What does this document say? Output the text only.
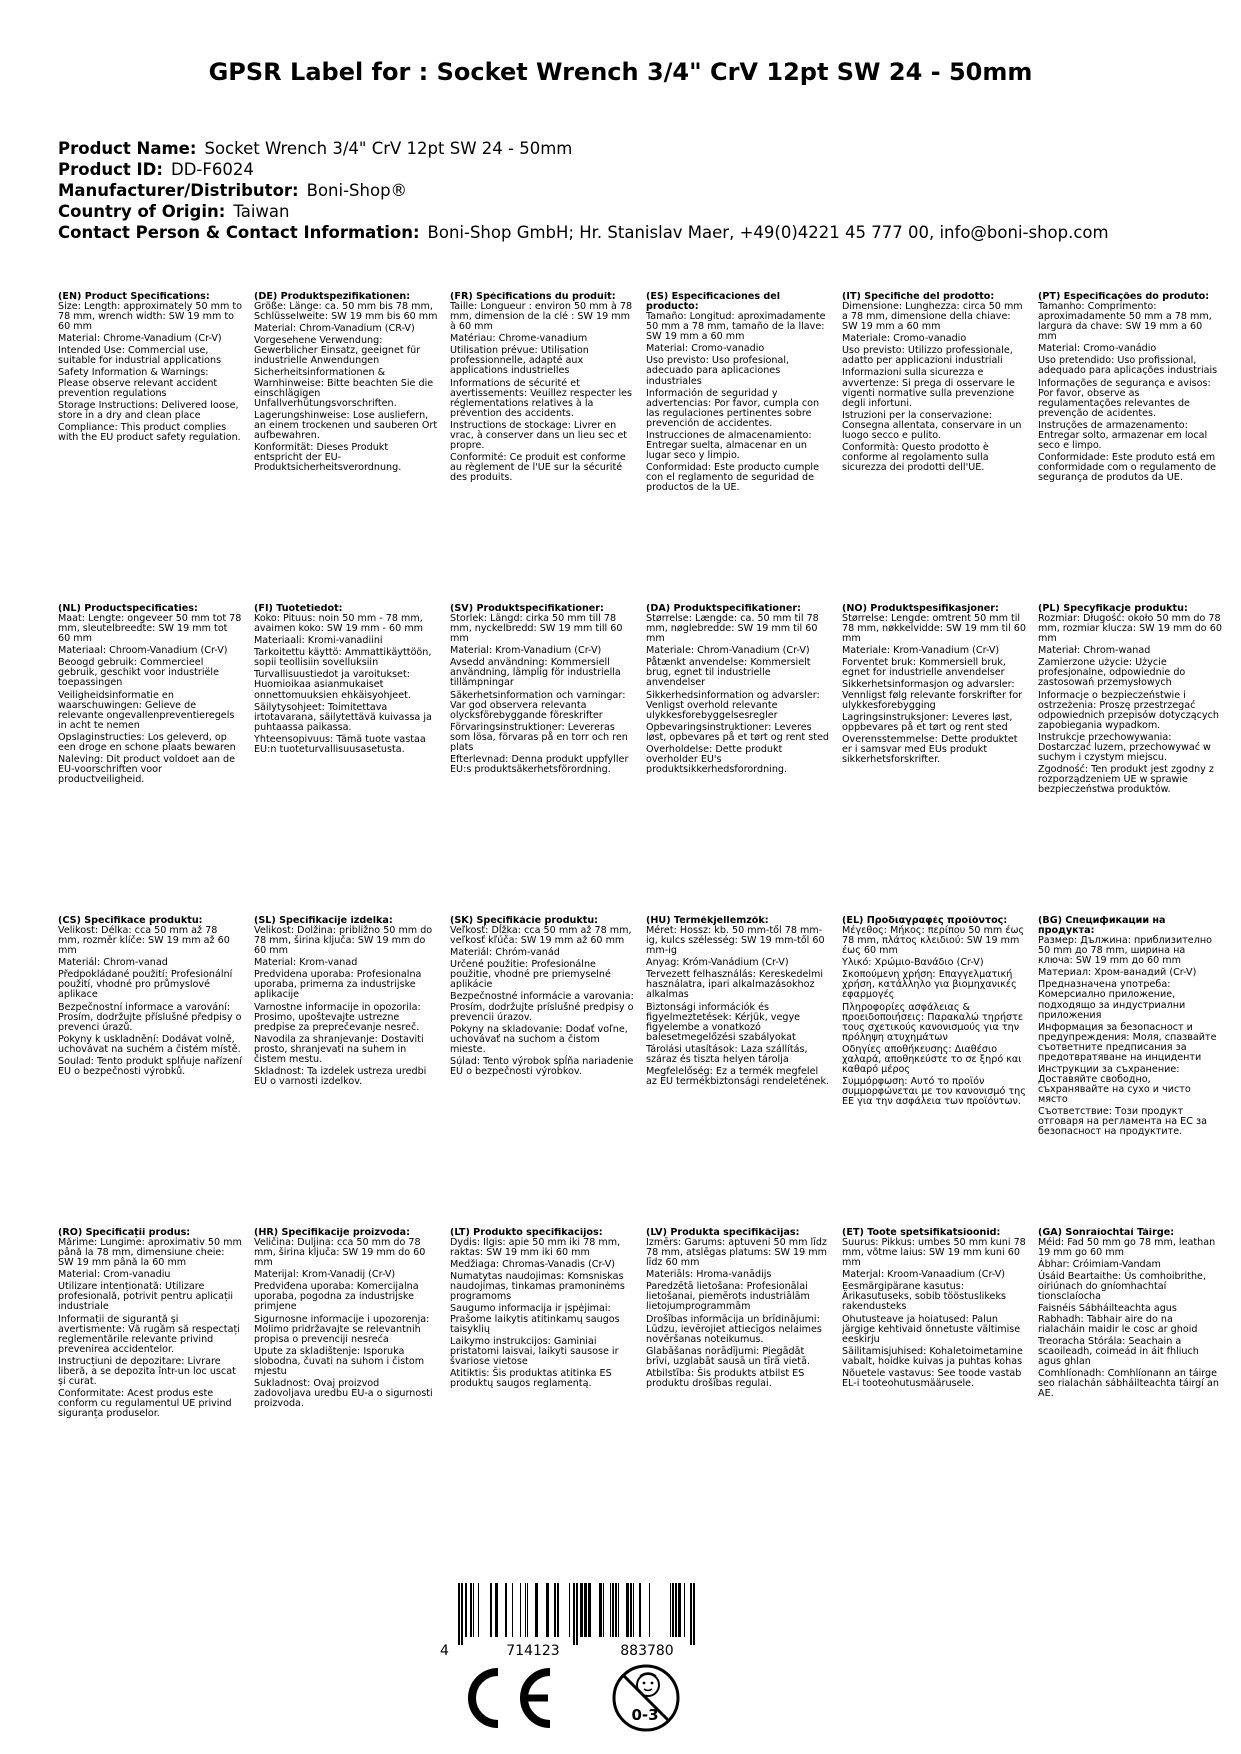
GPSR Label for : Socket Wrench 3/4" CrV 12pt SW 24 - 50mm
Product Name: Socket Wrench 3/4" CrV 12pt SW 24 - 50mm
Product ID: DD-F6024
Manufacturer/Distributor: Boni-Shop®
Country of Origin: Taiwan
Contact Person & Contact Information: Boni-Shop GmbH; Hr. Stanislav Maer, +49(0)4221 45 777 00, info@boni-shop.com
(EN) Product Specifications:
Size: Length: approximately 50 mm to 78 mm, wrench width: SW 19 mm to 60 mm
Material: Chrome-Vanadium (Cr-V)
Intended Use: Commercial use, suitable for industrial applications
Safety Information & Warnings: Please observe relevant accident prevention regulations
Storage Instructions: Delivered loose, store in a dry and clean place
Compliance: This product complies with the EU product safety regulation.
(DE) Produktspezifikationen:
Größe: Länge: ca. 50 mm bis 78 mm, Schlüsselweite: SW 19 mm bis 60 mm
Material: Chrom-Vanadium (CR-V)
Vorgesehene Verwendung: Gewerblicher Einsatz, geeignet für industrielle Anwendungen
Sicherheitsinformationen & Warnhinweise: Bitte beachten Sie die einschlägigen Unfallverhütungsvorschriften.
Lagerungshinweise: Lose ausliefern, an einem trockenen und sauberen Ort aufbewahren.
Konformität: Dieses Produkt entspricht der EU-Produktsicherheitsverordnung.
(FR) Spécifications du produit:
Taille: Longueur : environ 50 mm à 78 mm, dimension de la clé : SW 19 mm à 60 mm
Matériau: Chrome-vanadium
Utilisation prévue: Utilisation professionnelle, adapté aux applications industrielles
Informations de sécurité et avertissements: Veuillez respecter les réglementations relatives à la prévention des accidents.
Instructions de stockage: Livrer en vrac, à conserver dans un lieu sec et propre.
Conformité: Ce produit est conforme au règlement de l'UE sur la sécurité des produits.
(ES) Especificaciones del producto:
Tamaño: Longitud: aproximadamente 50 mm a 78 mm, tamaño de la llave: SW 19 mm a 60 mm
Material: Cromo-vanadio
Uso previsto: Uso profesional, adecuado para aplicaciones industriales
Información de seguridad y advertencias: Por favor, cumpla con las regulaciones pertinentes sobre prevención de accidentes.
Instrucciones de almacenamiento: Entregar suelta, almacenar en un lugar seco y limpio.
Conformidad: Este producto cumple con el reglamento de seguridad de productos de la UE.
(IT) Specifiche del prodotto:
Dimensione: Lunghezza: circa 50 mm a 78 mm, dimensione della chiave: SW 19 mm a 60 mm
Materiale: Cromo-vanadio
Uso previsto: Utilizzo professionale, adatto per applicazioni industriali
Informazioni sulla sicurezza e avvertenze: Si prega di osservare le vigenti normative sulla prevenzione degli infortuni.
Istruzioni per la conservazione: Consegna allentata, conservare in un luogo secco e pulito.
Conformità: Questo prodotto è conforme al regolamento sulla sicurezza dei prodotti dell'UE.
(PT) Especificações do produto:
Tamanho: Comprimento: aproximadamente 50 mm a 78 mm, largura da chave: SW 19 mm a 60 mm
Material: Cromo-vanádio
Uso pretendido: Uso profissional, adequado para aplicações industriais
Informações de segurança e avisos: Por favor, observe as regulamentações relevantes de prevenção de acidentes.
Instruções de armazenamento: Entregar solto, armazenar em local seco e limpo.
Conformidade: Este produto está em conformidade com o regulamento de segurança de produtos da UE.
(NL) Productspecificaties:
Maat: Lengte: ongeveer 50 mm tot 78 mm, sleutelbreedte: SW 19 mm tot 60 mm
Materiaal: Chroom-Vanadium (Cr-V)
Beoogd gebruik: Commercieel gebruik, geschikt voor industriële toepassingen
Veiligheidsinformatie en waarschuwingen: Gelieve de relevante ongevallenpreventieregels in acht te nemen
Opslaginstructies: Los geleverd, op een droge en schone plaats bewaren
Naleving: Dit product voldoet aan de EU-voorschriften voor productveiligheid.
(FI) Tuotetiedot:
Koko: Pituus: noin 50 mm - 78 mm, avaimen koko: SW 19 mm - 60 mm
Materiaali: Kromi-vanadiini
Tarkoitettu käyttö: Ammattikäyttöön, sopii teollisiin sovelluksiin
Turvallisuustiedot ja varoitukset: Huomioikaa asianmukaiset onnettomuuksien ehkäisyohjeet.
Säilytysohjeet: Toimitettava irtotavarana, säilytettävä kuivassa ja puhtaassa paikassa.
Yhteensopivuus: Tämä tuote vastaa EU:n tuoteturvallisuusasetusta.
(SV) Produktspecifikationer:
Storlek: Längd: cirka 50 mm till 78 mm, nyckelbredd: SW 19 mm till 60 mm
Material: Krom-Vanadium (Cr-V)
Avsedd användning: Kommersiell användning, lämplig för industriella tillämpningar
Säkerhetsinformation och varningar: Var god observera relevanta olycksförebyggande föreskrifter
Förvaringsinstruktioner: Levereras som lösa, förvaras på en torr och ren plats
Efterlevnad: Denna produkt uppfyller EU:s produktsäkerhetsförordning.
(DA) Produktspecifikationer:
Størrelse: Længde: ca. 50 mm til 78 mm, nøglebredde: SW 19 mm til 60 mm
Materiale: Chrom-Vanadium (Cr-V)
Påtænkt anvendelse: Kommersielt brug, egnet til industrielle anvendelser
Sikkerhedsinformation og advarsler: Venligst overhold relevante ulykkesforebyggelsesregler
Opbevaringsinstruktioner: Leveres løst, opbevares på et tørt og rent sted
Overholdelse: Dette produkt overholder EU's produktsikkerhedsforordning.
(NO) Produktspesifikasjoner:
Størrelse: Lengde: omtrent 50 mm til 78 mm, nøkkelvidde: SW 19 mm til 60 mm
Materiale: Krom-Vanadium (Cr-V)
Forventet bruk: Kommersiell bruk, egnet for industrielle anvendelser
Sikkerhetsinformasjon og advarsler: Vennligst følg relevante forskrifter for ulykkesforebygging
Lagringsinstruksjoner: Leveres løst, oppbevares på et tørt og rent sted
Overensstemmelse: Dette produktet er i samsvar med EUs produkt sikkerhetsforskrifter.
(PL) Specyfikacje produktu:
Rozmiar: Długość: około 50 mm do 78 mm, rozmiar klucza: SW 19 mm do 60 mm
Materiał: Chrom-wanad
Zamierzone użycie: Użycie profesjonalne, odpowiednie do zastosowań przemysłowych
Informacje o bezpieczeństwie i ostrzeżenia: Proszę przestrzegać odpowiednich przepisów dotyczących zapobiegania wypadkom.
Instrukcje przechowywania: Dostarczać luzem, przechowywać w suchym i czystym miejscu.
Zgodność: Ten produkt jest zgodny z rozporządzeniem UE w sprawie bezpieczeństwa produktów.
(CS) Specifikace produktu:
Velikost: Délka: cca 50 mm až 78 mm, rozměr klíče: SW 19 mm až 60 mm
Materiál: Chrom-vanad
Předpokládané použití: Profesionální použití, vhodné pro průmyslové aplikace
Bezpečnostní informace a varování: Prosím, dodržujte příslušné předpisy o prevenci úrazů.
Pokyny k uskladnění: Dodávat volně, uchovávat na suchém a čistém místě.
Soulad: Tento produkt splňuje nařízení EU o bezpečnosti výrobků.
(SL) Specifikacije izdelka:
Velikost: Dolžina: približno 50 mm do 78 mm, širina ključa: SW 19 mm do 60 mm
Material: Krom-vanad
Predvidena uporaba: Profesionalna uporaba, primerna za industrijske aplikacije
Varnostne informacije in opozorila: Prosimo, upoštevajte ustrezne predpise za preprečevanje nesreč.
Navodila za shranjevanje: Dostaviti prosto, shranjevati na suhem in čistem mestu.
Skladnost: Ta izdelek ustreza uredbi EU o varnosti izdelkov.
(SK) Špecifikácie produktu:
Veľkosť: Dĺžka: cca 50 mm až 78 mm, veľkosť kľúča: SW 19 mm až 60 mm
Materiál: Chróm-vanád
Určené použitie: Profesionálne použitie, vhodné pre priemyselné aplikácie
Bezpečnostné informácie a varovania: Prosím, dodržujte príslušné predpisy o prevencii úrazov.
Pokyny na skladovanie: Dodať voľne, uchovávať na suchom a čistom mieste.
Súlad: Tento výrobok spĺňa nariadenie EÚ o bezpečnosti výrobkov.
(HU) Termékjellemzők:
Méret: Hossz: kb. 50 mm-től 78 mm-ig, kulcs szélesség: SW 19 mm-től 60 mm-ig
Anyag: Króm-Vanádium (Cr-V)
Tervezett felhasználás: Kereskedelmi használatra, ipari alkalmazásokhoz alkalmas
Biztonsági információk és figyelmeztetések: Kérjük, vegye figyelembe a vonatkozó balesetmegelőzési szabályokat
Tárolási utasítások: Laza szállítás, száraz és tiszta helyen tárolja
Megfelelőség: Ez a termék megfelel az EU termékbiztonsági rendeletének.
(EL) Προδιαγραφές προϊόντος:
Μέγεθος: Μήκος: περίπου 50 mm έως 78 mm, πλάτος κλειδιού: SW 19 mm έως 60 mm
Υλικό: Χρώμιο-Βανάδιο (Cr-V)
Σκοπούμενη χρήση: Επαγγελματική χρήση, κατάλληλο για βιομηχανικές εφαρμογές
Πληροφορίες ασφάλειας & προειδοποιήσεις: Παρακαλώ τηρήστε τους σχετικούς κανονισμούς για την πρόληψη ατυχημάτων
Οδηγίες αποθήκευσης: Διαθέσιο χαλαρά, αποθηκεύστε το σε ξηρό και καθαρό μέρος
Συμμόρφωση: Αυτό το προϊόν συμμορφώνεται με τον κανονισμό της ΕΕ για την ασφάλεια των προϊόντων.
(BG) Спецификации на продукта:
Размер: Дължина: приблизително 50 mm до 78 mm, ширина на ключа: SW 19 mm до 60 mm
Материал: Хром-ванадий (Cr-V)
Предназначена употреба: Комерсиално приложение, подходящо за индустриални приложения
Информация за безопасност и предупреждения: Моля, спазвайте съответните предписания за предотвратяване на инциденти
Инструкции за съхранение: Доставяйте свободно, съхранявайте на сухо и чисто място
Съответствие: Този продукт отговаря на регламента на ЕС за безопасност на продуктите.
(RO) Specificații produs:
Mărime: Lungime: aproximativ 50 mm până la 78 mm, dimensiune cheie: SW 19 mm până la 60 mm
Material: Crom-vanadiu
Utilizare intenționată: Utilizare profesională, potrivit pentru aplicații industriale
Informații de siguranță și avertismente: Vă rugăm să respectați reglementările relevante privind prevenirea accidentelor.
Instrucțiuni de depozitare: Livrare liberă, a se depozita într-un loc uscat și curat.
Conformitate: Acest produs este conform cu regulamentul UE privind siguranța produselor.
(HR) Specifikacije proizvoda:
Veličina: Duljina: cca 50 mm do 78 mm, širina ključa: SW 19 mm do 60 mm
Materijal: Krom-Vanadij (Cr-V)
Predviđena uporaba: Komercijalna uporaba, pogodna za industrijske primjene
Sigurnosne informacije i upozorenja: Molimo pridržavajte se relevantnih propisa o prevenciji nesreća
Upute za skladištenje: Isporuka slobodna, čuvati na suhom i čistom mjestu
Sukladnost: Ovaj proizvod zadovoljava uredbu EU-a o sigurnosti proizvoda.
(LT) Produkto specifikacijos:
Dydis: Ilgis: apie 50 mm iki 78 mm, raktas: SW 19 mm iki 60 mm
Medžiaga: Chromas-Vanadis (Cr-V)
Numatytas naudojimas: Komsniskas naudojimas, tinkamas pramoninėms programoms
Saugumo informacija ir įspėjimai: Prašome laikytis atitinkamų saugos taisyklių
Laikymo instrukcijos: Gaminiai pristatomi laisvai, laikyti sausose ir švariose vietose
Atitiktis: Šis produktas atitinka ES produktų saugos reglamentą.
(LV) Produkta specifikācijas:
Izmērs: Garums: aptuveni 50 mm līdz 78 mm, atslēgas platums: SW 19 mm līdz 60 mm
Materiāls: Hroma-vanādijs
Paredzētā lietošana: Profesionālai lietošanai, piemērots industriālām lietojumprogrammām
Drošības informācija un brīdinājumi: Lūdzu, ievērojiet attiecīgos nelaimes novēršanas noteikumus.
Glabāšanas norādījumi: Piegādāt brīvi, uzglabāt sausā un tīrā vietā.
Atbilstība: Šis produkts atbilst ES produktu drošības regulai.
(ET) Toote spetsifikatsioonid:
Suurus: Pikkus: umbes 50 mm kuni 78 mm, võtme laius: SW 19 mm kuni 60 mm
Materjal: Kroom-Vanaadium (Cr-V)
Eesmärgipärane kasutus: Ärikasutuseks, sobib tööstuslikeks rakendusteks
Ohutusteave ja hoiatused: Palun järgige kehtivaid õnnetuste vältimise eeskirju
Säilitamisjuhised: Kohaletoimetamine vabalt, hoidke kuivas ja puhtas kohas
Nõuetele vastavus: See toode vastab EL-i tooteohutusmäärusele.
(GA) Sonraíochtaí Táirge:
Méid: Fad 50 mm go 78 mm, leathan 19 mm go 60 mm
Ábhar: Cróimiam-Vandam
Úsáid Beartaithe: Ús comhoibrithe, oiriúnach do gníomhachtaí tionsclaíocha
Faisnéis Sábháilteachta agus Rabhadh: Tabhair aire do na rialacháin maidir le cosc ar ghoid
Treoracha Stórála: Seachain a scaoileadh, coimeád in áit fhliuch agus ghlan
Comhlíonadh: Comhlíonann an táirge seo rialachán sábháilteachta táirgí an AE.
4	714123	883780
0-3
